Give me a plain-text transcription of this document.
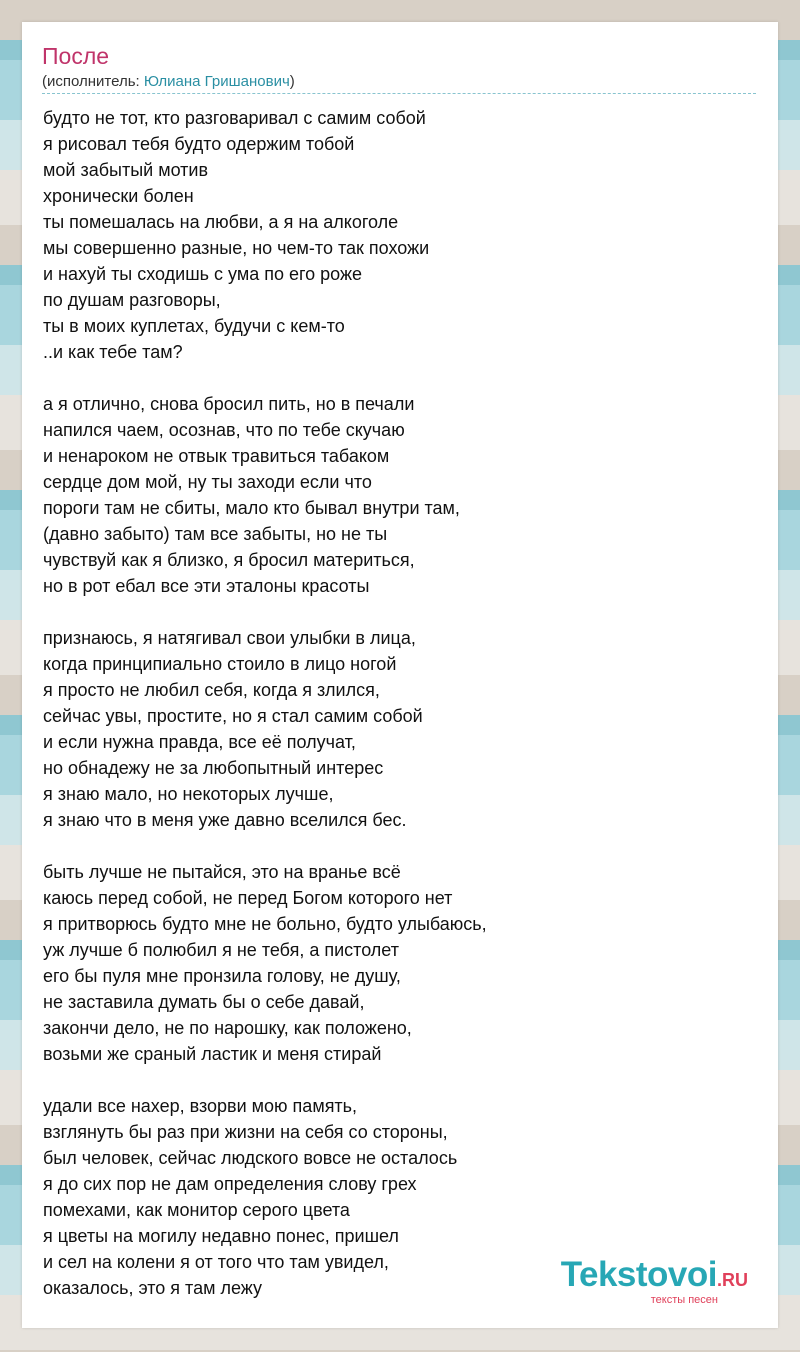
После
(исполнитель: Юлиана Гришанович)
будто не тот, кто разговаривал с самим собой
я рисовал тебя будто одержим тобой
мой забытый мотив
хронически болен
ты помешалась на любви, а я на алкоголе
мы совершенно разные, но чем-то так похожи
и нахуй ты сходишь с ума по его роже
по душам разговоры,
ты в моих куплетах, будучи с кем-то
..и как тебе там?
а я отлично, снова бросил пить, но в печали
напился чаем, осознав, что по тебе скучаю
и ненароком не отвык травиться табаком
сердце дом мой, ну ты заходи если что
пороги там не сбиты, мало кто бывал внутри там,
(давно забыто) там все забыты, но не ты
чувствуй как я близко, я бросил материться,
но в рот ебал все эти эталоны красоты
признаюсь, я натягивал свои улыбки в лица,
когда принципиально стоило в лицо ногой
я просто не любил себя, когда я злился,
сейчас увы, простите, но я стал самим собой
и если нужна правда, все её получат,
но обнадежу не за любопытный интерес
я знаю мало, но некоторых лучше,
я знаю что в меня уже давно вселился бес.
быть лучше не пытайся, это на вранье всё
каюсь перед собой, не перед Богом которого нет
я притворюсь будто мне не больно, будто улыбаюсь,
уж лучше б полюбил я не тебя, а пистолет
его бы пуля мне пронзила голову, не душу,
не заставила думать бы о себе давай,
закончи дело, не по нарошку, как положено,
возьми же сраный ластик и меня стирай
удали все нахер, взорви мою память,
взглянуть бы раз при жизни на себя со стороны,
был человек, сейчас людского вовсе не осталось
я до сих пор не дам определения слову грех
помехами, как монитор серого цвета
я цветы на могилу недавно понес, пришел
и сел на колени я от того что там увидел,
оказалось, это я там лежу	Tekstovoi.RU
тексты песен
